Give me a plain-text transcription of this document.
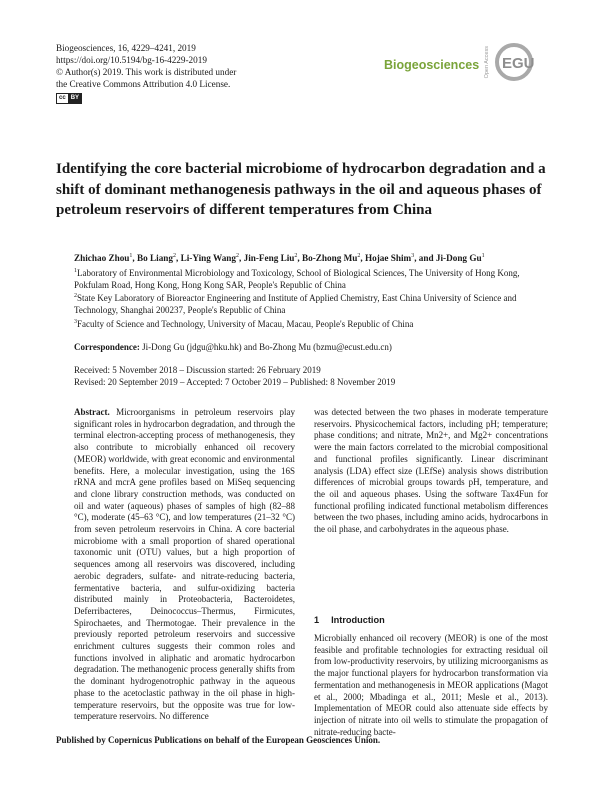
Biogeosciences, 16, 4229–4241, 2019
https://doi.org/10.5194/bg-16-4229-2019
© Author(s) 2019. This work is distributed under
the Creative Commons Attribution 4.0 License.
cc BY
Biogeosciences Open Access EGU
Identifying the core bacterial microbiome of hydrocarbon degradation and a shift of dominant methanogenesis pathways in the oil and aqueous phases of petroleum reservoirs of different temperatures from China
Zhichao Zhou$^1$, Bo Liang$^2$, Li-Ying Wang$^2$, Jin-Feng Liu$^2$, Bo-Zhong Mu$^2$, Hojae Shim$^3$, and Ji-Dong Gu$^1$
$^1$Laboratory of Environmental Microbiology and Toxicology, School of Biological Sciences, The University of Hong Kong, Pokfulam Road, Hong Kong, Hong Kong SAR, People's Republic of China
$^2$State Key Laboratory of Bioreactor Engineering and Institute of Applied Chemistry, East China University of Science and Technology, Shanghai 200237, People's Republic of China
$^3$Faculty of Science and Technology, University of Macau, Macau, People's Republic of China
Correspondence: Ji-Dong Gu (jdgu@hku.hk) and Bo-Zhong Mu (bzmu@ecust.edu.cn)
Received: 5 November 2018 – Discussion started: 26 February 2019
Revised: 20 September 2019 – Accepted: 7 October 2019 – Published: 8 November 2019
Abstract. Microorganisms in petroleum reservoirs play significant roles in hydrocarbon degradation, and through the terminal electron-accepting process of methanogenesis, they also contribute to microbially enhanced oil recovery (MEOR) worldwide, with great economic and environmental benefits. Here, a molecular investigation, using the 16S rRNA and mcrA gene profiles based on MiSeq sequencing and clone library construction methods, was conducted on oil and water (aqueous) phases of samples of high (82–88 °C), moderate (45–63 °C), and low temperatures (21–32 °C) from seven petroleum reservoirs in China. A core bacterial microbiome with a small proportion of shared operational taxonomic unit (OTU) values, but a high proportion of sequences among all reservoirs was discovered, including aerobic degraders, sulfate- and nitrate-reducing bacteria, fermentative bacteria, and sulfur-oxidizing bacteria distributed mainly in Proteobacteria, Bacteroidetes, Deferribacteres, Deinococcus–Thermus, Firmicutes, Spirochaetes, and Thermotogae. Their prevalence in the previously reported petroleum reservoirs and successive enrichment cultures suggests their common roles and functions involved in aliphatic and aromatic hydrocarbon degradation. The methanogenic process generally shifts from the dominant hydrogenotrophic pathway in the aqueous phase to the acetoclastic pathway in the oil phase in high-temperature reservoirs, but the opposite was true for low-temperature reservoirs. No difference
was detected between the two phases in moderate temperature reservoirs. Physicochemical factors, including pH; temperature; phase conditions; and nitrate, Mn2+, and Mg2+ concentrations were the main factors correlated to the microbial compositional and functional profiles significantly. Linear discriminant analysis (LDA) effect size (LEfSe) analysis shows distribution differences of microbial groups towards pH, temperature, and the oil and aqueous phases. Using the software Tax4Fun for functional profiling indicated functional metabolism differences between the two phases, including amino acids, hydrocarbons in the oil phase, and carbohydrates in the aqueous phase.
1 Introduction
Microbially enhanced oil recovery (MEOR) is one of the most feasible and profitable technologies for extracting residual oil from low-productivity reservoirs, by utilizing microorganisms as the major functional players for hydrocarbon transformation via fermentation and methanogenesis in MEOR applications (Magot et al., 2000; Mbadinga et al., 2011; Mesle et al., 2013). Implementation of MEOR could also attenuate side effects by injection of nitrate into oil wells to stimulate the propagation of nitrate-reducing bacte-
Published by Copernicus Publications on behalf of the European Geosciences Union.
